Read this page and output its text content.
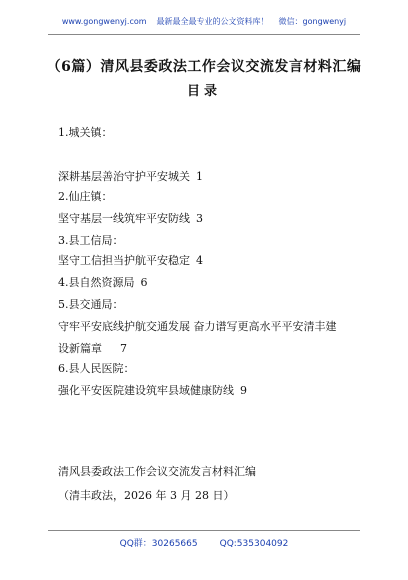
www.gongwenyj.com 最新最全最专业的公文资料库！ 微信：gongwenyj
（6篇）清风县委政法工作会议交流发言材料汇编
目录
1.城关镇：
深耕基层善治守护平安城关 1
2.仙庄镇：
坚守基层一线筑牢平安防线 3
3.县工信局：
坚守工信担当护航平安稳定 4
4.县自然资源局 6
5.县交通局：
守牢平安底线护航交通发展 奋力谱写更高水平平安清丰建
设新篇章 7
6.县人民医院：
强化平安医院建设筑牢县域健康防线 9
清风县委政法工作会议交流发言材料汇编
（清丰政法，2026 年 3 月 28 日）
QQ群：30265665 QQ:535304092
